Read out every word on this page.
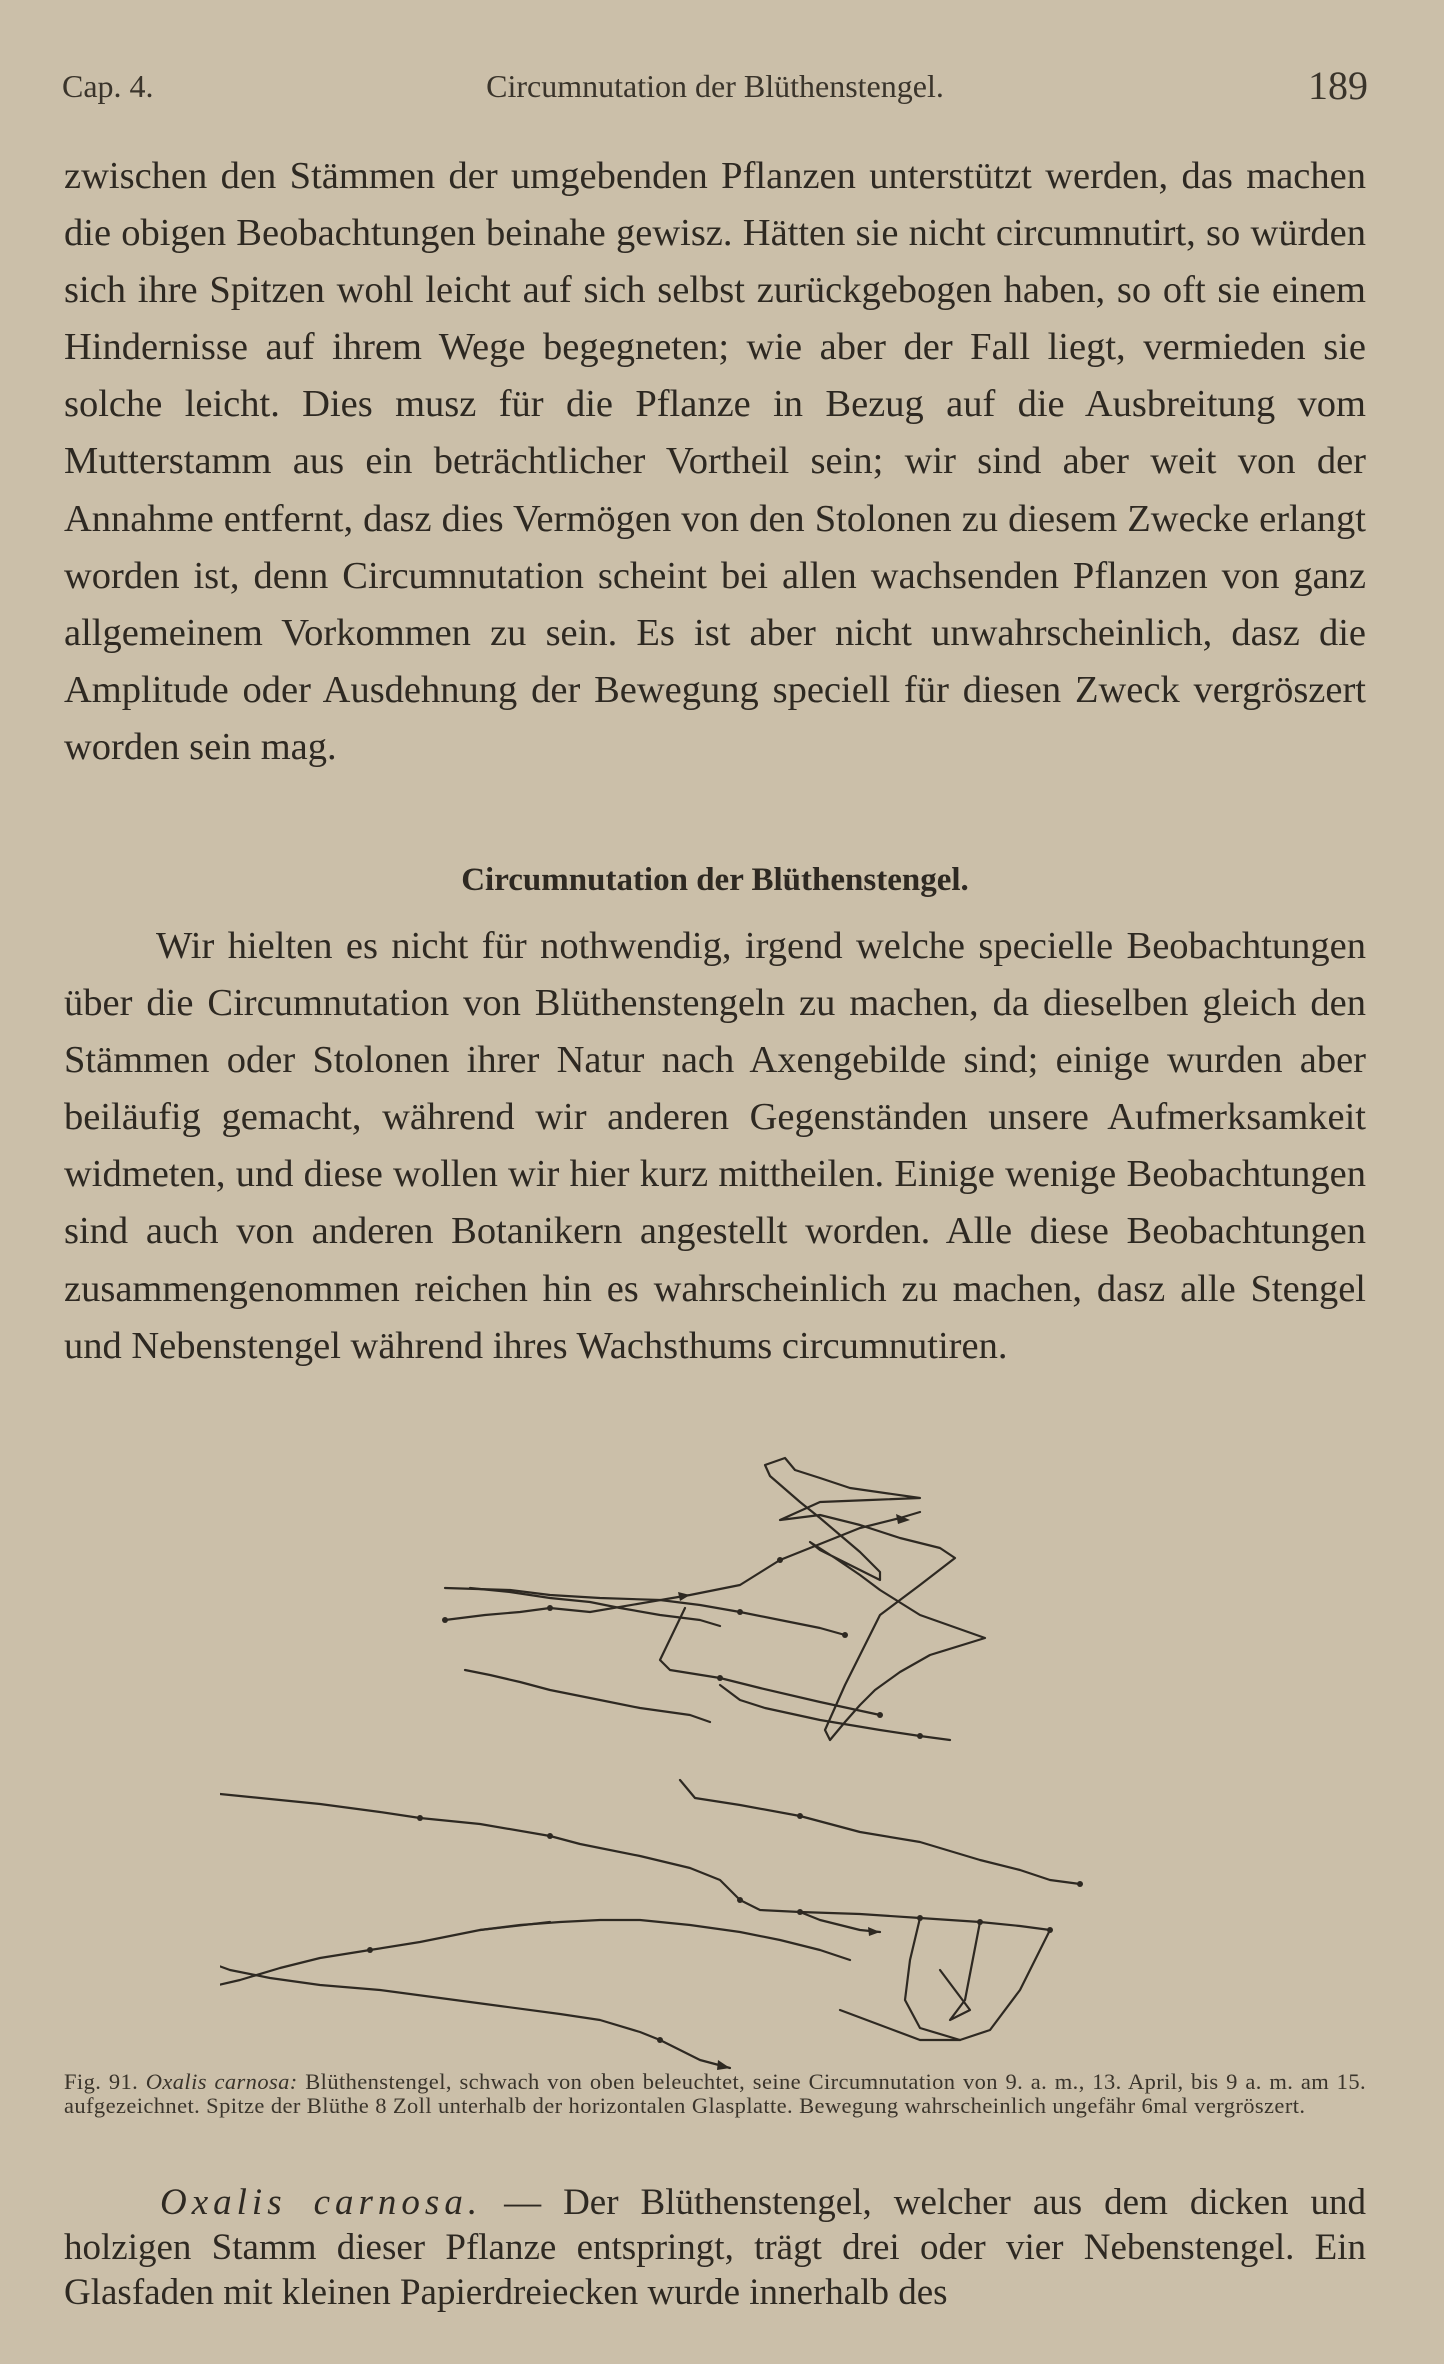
Cap. 4.	Circumnutation der Blüthenstengel.	189

zwischen den Stämmen der umgebenden Pflanzen unterstützt werden, das machen die obigen Beobachtungen beinahe gewisz. Hätten sie nicht circumnutirt, so würden sich ihre Spitzen wohl leicht auf sich selbst zurückgebogen haben, so oft sie einem Hindernisse auf ihrem Wege begegneten; wie aber der Fall liegt, vermieden sie solche leicht. Dies musz für die Pflanze in Bezug auf die Ausbreitung vom Mutterstamm aus ein beträchtlicher Vortheil sein; wir sind aber weit von der Annahme entfernt, dasz dies Vermögen von den Stolonen zu diesem Zwecke erlangt worden ist, denn Circumnutation scheint bei allen wachsenden Pflanzen von ganz allgemeinem Vorkommen zu sein. Es ist aber nicht unwahrscheinlich, dasz die Amplitude oder Ausdehnung der Bewegung speciell für diesen Zweck vergröszert worden sein mag.

Circumnutation der Blüthenstengel.

Wir hielten es nicht für nothwendig, irgend welche specielle Beobachtungen über die Circumnutation von Blüthenstengeln zu machen, da dieselben gleich den Stämmen oder Stolonen ihrer Natur nach Axengebilde sind; einige wurden aber beiläufig gemacht, während wir anderen Gegenständen unsere Aufmerksamkeit widmeten, und diese wollen wir hier kurz mittheilen. Einige wenige Beobachtungen sind auch von anderen Botanikern angestellt worden. Alle diese Beobachtungen zusammengenommen reichen hin es wahrscheinlich zu machen, dasz alle Stengel und Nebenstengel während ihres Wachsthums circumnutiren.

Fig. 91. Oxalis carnosa: Blüthenstengel, schwach von oben beleuchtet, seine Circumnutation von 9. a. m., 13. April, bis 9 a. m. am 15. aufgezeichnet. Spitze der Blüthe 8 Zoll unterhalb der horizontalen Glasplatte. Bewegung wahrscheinlich ungefähr 6mal vergröszert.

Oxalis carnosa. — Der Blüthenstengel, welcher aus dem dicken und holzigen Stamm dieser Pflanze entspringt, trägt drei oder vier Nebenstengel. Ein Glasfaden mit kleinen Papierdreiecken wurde innerhalb des
